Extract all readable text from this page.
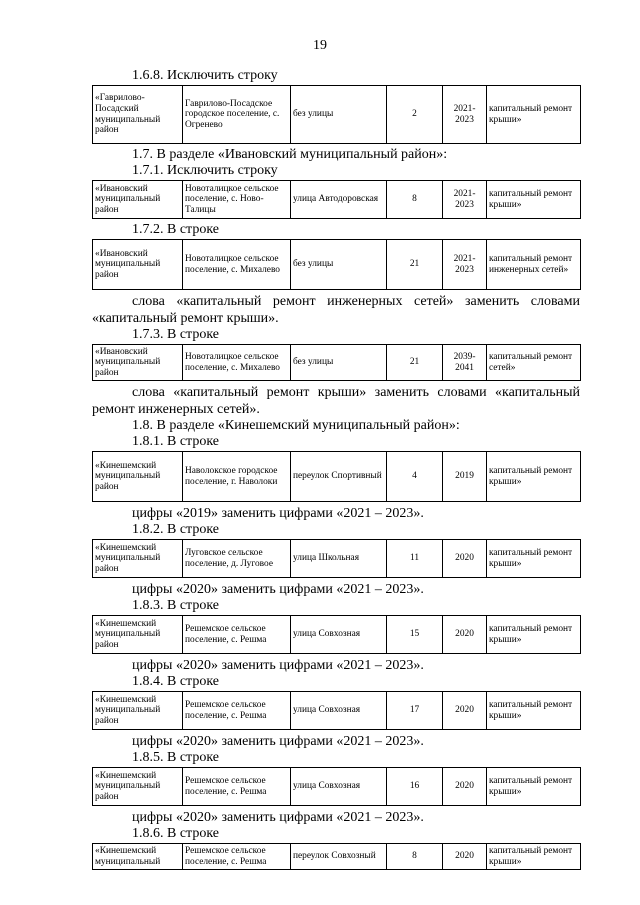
19

1.6.8. Исключить строку

«Гаврилово-Посадский муниципальный район	Гаврилово-Посадское городское поселение, с. Огренево	без улицы	2	2021-2023	капитальный ремонт крыши»

1.7. В разделе «Ивановский муниципальный район»:

1.7.1. Исключить строку

«Ивановский муниципальный район	Новоталицкое сельское поселение, с. Ново-Талицы	улица Автодоровская	8	2021-2023	капитальный ремонт крыши»

1.7.2. В строке

«Ивановский муниципальный район	Новоталицкое сельское поселение, с. Михалево	без улицы	21	2021-2023	капитальный ремонт инженерных сетей»

слова «капитальный ремонт инженерных сетей» заменить словами «капитальный ремонт крыши».

1.7.3. В строке

«Ивановский муниципальный район	Новоталицкое сельское поселение, с. Михалево	без улицы	21	2039-2041	капитальный ремонт сетей»

слова «капитальный ремонт крыши» заменить словами «капитальный ремонт инженерных сетей».

1.8. В разделе «Кинешемский муниципальный район»:

1.8.1. В строке

«Кинешемский муниципальный район	Наволокское городское поселение, г. Наволоки	переулок Спортивный	4	2019	капитальный ремонт крыши»

цифры «2019» заменить цифрами «2021 – 2023».

1.8.2. В строке

«Кинешемский муниципальный район	Луговское сельское поселение, д. Луговое	улица Школьная	11	2020	капитальный ремонт крыши»

цифры «2020» заменить цифрами «2021 – 2023».

1.8.3. В строке

«Кинешемский муниципальный район	Решемское сельское поселение, с. Решма	улица Совхозная	15	2020	капитальный ремонт крыши»

цифры «2020» заменить цифрами «2021 – 2023».

1.8.4. В строке

«Кинешемский муниципальный район	Решемское сельское поселение, с. Решма	улица Совхозная	17	2020	капитальный ремонт крыши»

цифры «2020» заменить цифрами «2021 – 2023».

1.8.5. В строке

«Кинешемский муниципальный район	Решемское сельское поселение, с. Решма	улица Совхозная	16	2020	капитальный ремонт крыши»

цифры «2020» заменить цифрами «2021 – 2023».

1.8.6. В строке

«Кинешемский муниципальный	Решемское сельское поселение, с. Решма	переулок Совхозный	8	2020	капитальный ремонт крыши»
